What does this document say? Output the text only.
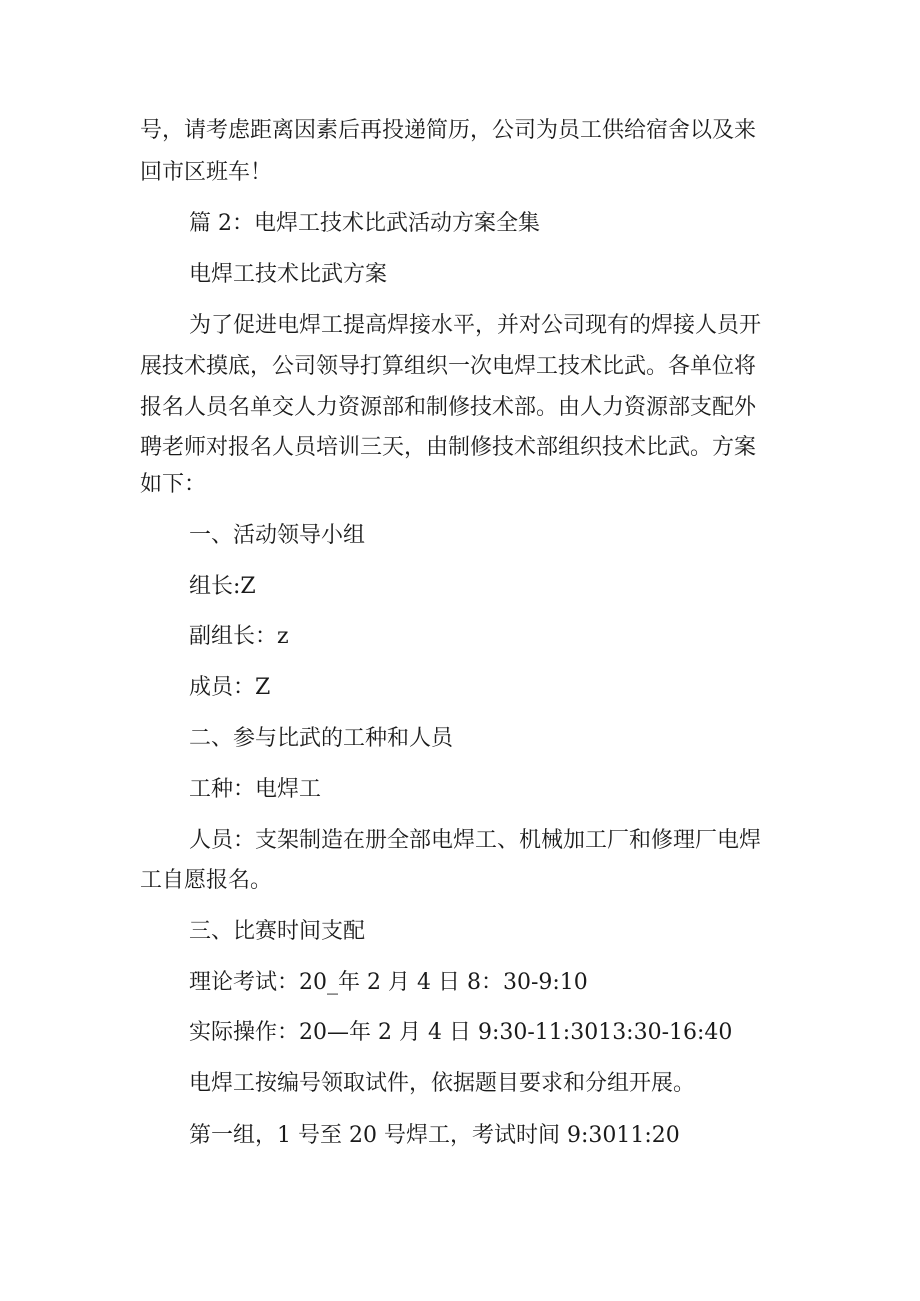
号，请考虑距离因素后再投递简历，公司为员工供给宿舍以及来
回市区班车！
篇 2：电焊工技术比武活动方案全集
电焊工技术比武方案
为了促进电焊工提高焊接水平，并对公司现有的焊接人员开
展技术摸底，公司领导打算组织一次电焊工技术比武。各单位将
报名人员名单交人力资源部和制修技术部。由人力资源部支配外
聘老师对报名人员培训三天，由制修技术部组织技术比武。方案
如下：
一、活动领导小组
组长:Z
副组长：z
成员：Z
二、参与比武的工种和人员
工种：电焊工
人员：支架制造在册全部电焊工、机械加工厂和修理厂电焊
工自愿报名。
三、比赛时间支配
理论考试：20_年 2 月 4 日 8：30-9:10
实际操作：20—年 2 月 4 日 9:30-11:3013:30-16:40
电焊工按编号领取试件，依据题目要求和分组开展。
第一组，1 号至 20 号焊工，考试时间 9:3011:20
